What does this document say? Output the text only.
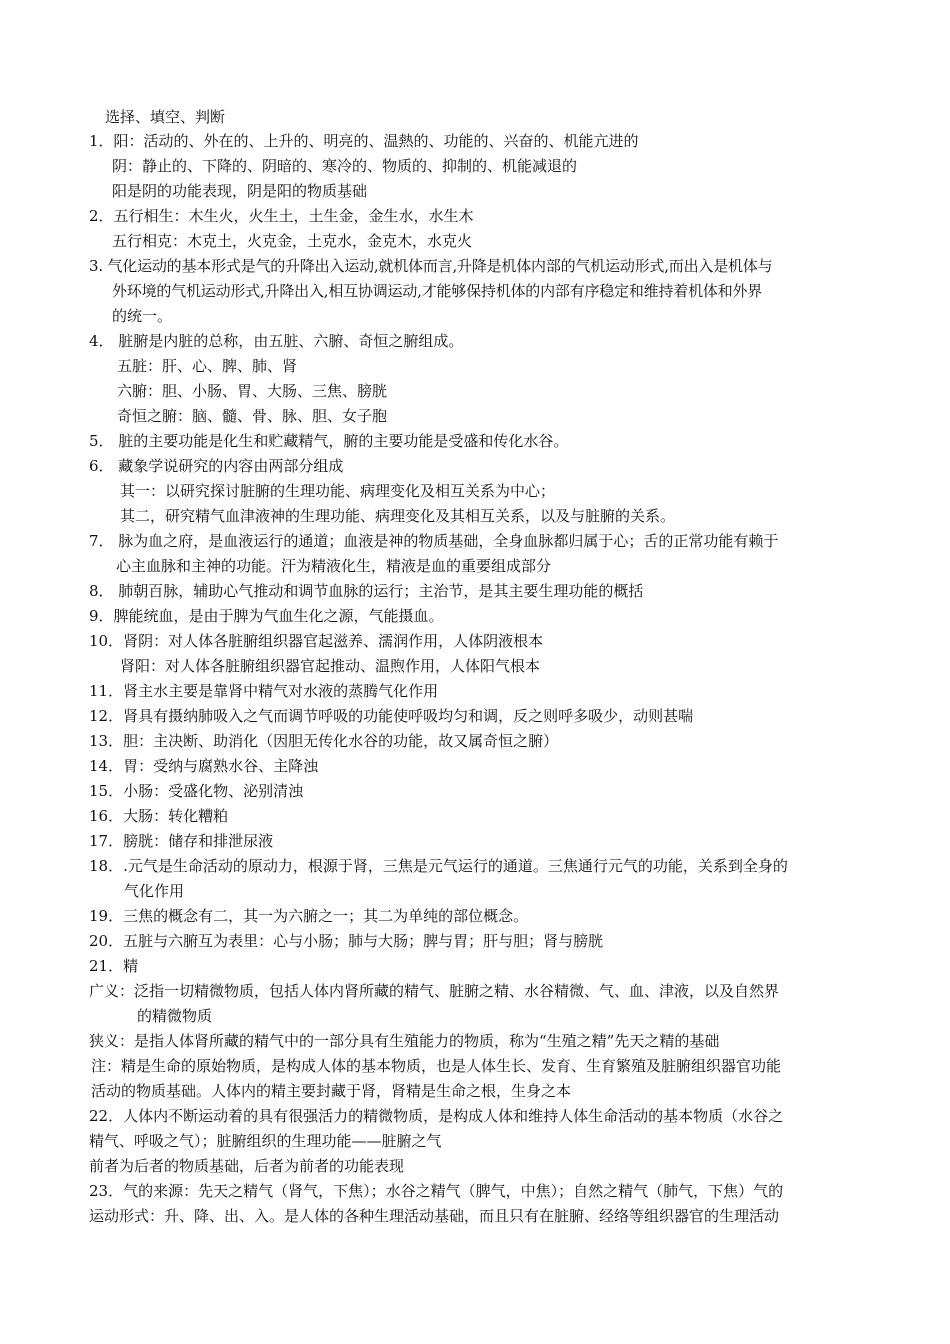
选择、填空、判断
1．阳：活动的、外在的、上升的、明亮的、温熱的、功能的、兴奋的、机能亢进的
阴：静止的、下降的、阴暗的、寒冷的、物质的、抑制的、机能减退的
阳是阴的功能表现，阴是阳的物质基础
2．五行相生：木生火，火生土，土生金，金生水，水生木
五行相克：木克土，火克金，土克水，金克木，水克火
3. 气化运动的基本形式是气的升降出入运动,就机体而言,升降是机体内部的气机运动形式,而出入是机体与
外环境的气机运动形式,升降出入,相互协调运动,才能够保持机体的内部有序稳定和维持着机体和外界
的统一。
4． 脏腑是内脏的总称，由五脏、六腑、奇恒之腑组成。
五脏：肝、心、脾、肺、肾
六腑：胆、小肠、胃、大肠、三焦、膀胱
奇恒之腑：脑、髓、骨、脉、胆、女子胞
5． 脏的主要功能是化生和贮藏精气，腑的主要功能是受盛和传化水谷。
6． 藏象学说研究的内容由两部分组成
其一：以研究探讨脏腑的生理功能、病理变化及相互关系为中心；
其二，研究精气血津液神的生理功能、病理变化及其相互关系，以及与脏腑的关系。
7． 脉为血之府，是血液运行的通道；血液是神的物质基础，全身血脉都归属于心；舌的正常功能有赖于
心主血脉和主神的功能。汗为精液化生，精液是血的重要组成部分
8． 肺朝百脉，辅助心气推动和调节血脉的运行；主治节，是其主要生理功能的概括
9．脾能统血，是由于脾为气血生化之源，气能摄血。
10．肾阴：对人体各脏腑组织器官起滋养、濡润作用，人体阴液根本
肾阳：对人体各脏腑组织器官起推动、温煦作用，人体阳气根本
11．肾主水主要是靠肾中精气对水液的蒸腾气化作用
12．肾具有摄纳肺吸入之气而调节呼吸的功能使呼吸均匀和调，反之则呼多吸少，动则甚喘
13．胆：主决断、助消化（因胆无传化水谷的功能，故又属奇恒之腑）
14．胃：受纳与腐熟水谷、主降浊
15．小肠：受盛化物、泌别清浊
16．大肠：转化糟粕
17．膀胱：储存和排泄尿液
18．.元气是生命活动的原动力，根源于肾，三焦是元气运行的通道。三焦通行元气的功能，关系到全身的
气化作用
19．三焦的概念有二，其一为六腑之一；其二为单纯的部位概念。
20．五脏与六腑互为表里：心与小肠；肺与大肠；脾与胃；肝与胆；肾与膀胱
21．精
广义：泛指一切精微物质，包括人体内肾所藏的精气、脏腑之精、水谷精微、气、血、津液，以及自然界
的精微物质
狭义：是指人体肾所藏的精气中的一部分具有生殖能力的物质，称为“生殖之精”先天之精的基础
注：精是生命的原始物质，是构成人体的基本物质，也是人体生长、发育、生育繁殖及脏腑组织器官功能
活动的物质基础。人体内的精主要封藏于肾，肾精是生命之根，生身之本
22．人体内不断运动着的具有很强活力的精微物质，是构成人体和维持人体生命活动的基本物质（水谷之
精气、呼吸之气）；脏腑组织的生理功能——脏腑之气
前者为后者的物质基础，后者为前者的功能表现
23．气的来源：先天之精气（肾气，下焦）；水谷之精气（脾气，中焦）；自然之精气（肺气，下焦）气的
运动形式：升、降、出、入。是人体的各种生理活动基础，而且只有在脏腑、经络等组织器官的生理活动
